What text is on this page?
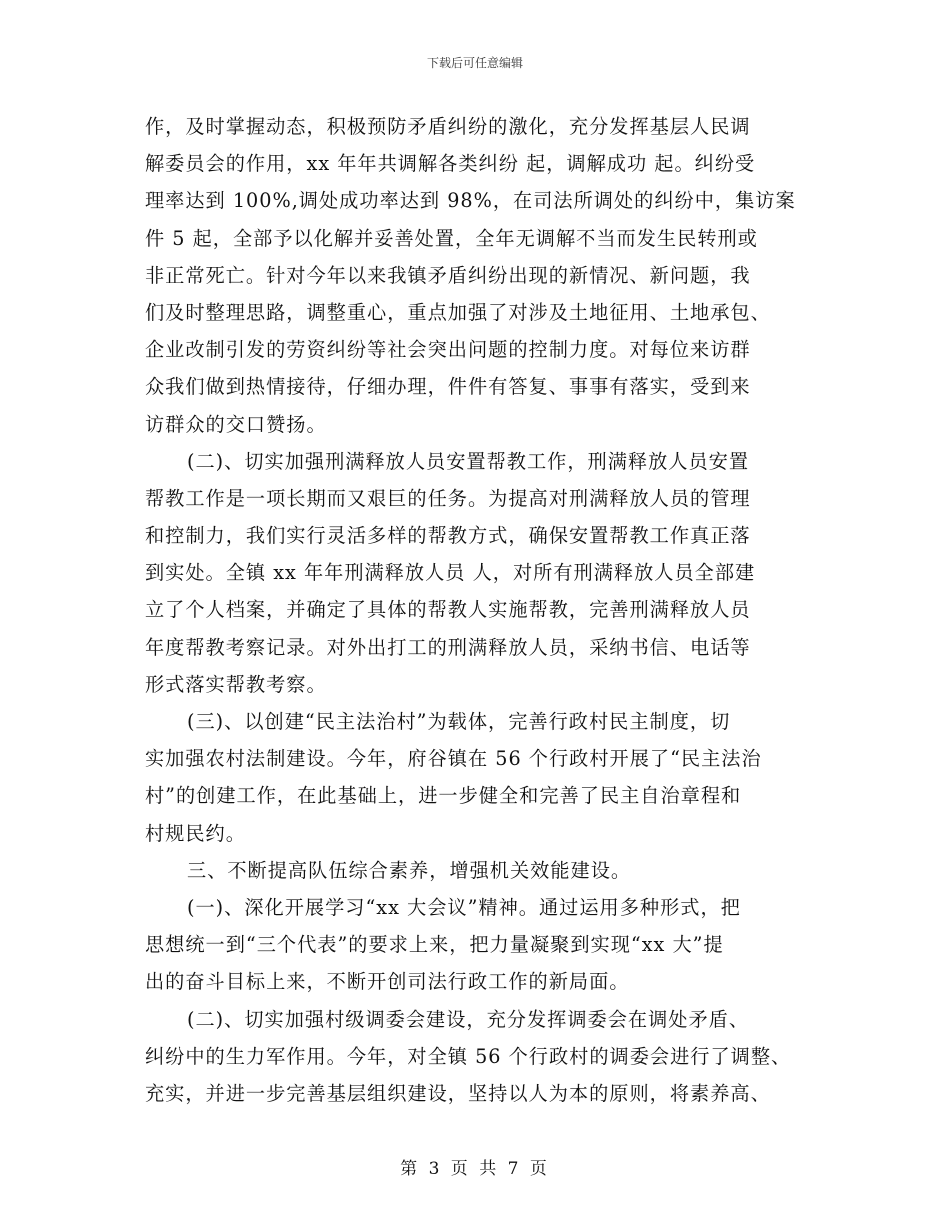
下载后可任意编辑
作，及时掌握动态，积极预防矛盾纠纷的激化，充分发挥基层人民调
解委员会的作用，xx 年年共调解各类纠纷 起，调解成功 起。纠纷受
理率达到 100%,调处成功率达到 98%，在司法所调处的纠纷中，集访案
件 5 起，全部予以化解并妥善处置，全年无调解不当而发生民转刑或
非正常死亡。针对今年以来我镇矛盾纠纷出现的新情况、新问题，我
们及时整理思路，调整重心，重点加强了对涉及土地征用、土地承包、
企业改制引发的劳资纠纷等社会突出问题的控制力度。对每位来访群
众我们做到热情接待，仔细办理，件件有答复、事事有落实，受到来
访群众的交口赞扬。
(二)、切实加强刑满释放人员安置帮教工作，刑满释放人员安置
帮教工作是一项长期而又艰巨的任务。为提高对刑满释放人员的管理
和控制力，我们实行灵活多样的帮教方式，确保安置帮教工作真正落
到实处。全镇 xx 年年刑满释放人员 人，对所有刑满释放人员全部建
立了个人档案，并确定了具体的帮教人实施帮教，完善刑满释放人员
年度帮教考察记录。对外出打工的刑满释放人员，采纳书信、电话等
形式落实帮教考察。
(三)、以创建“民主法治村”为载体，完善行政村民主制度，切
实加强农村法制建设。今年，府谷镇在 56 个行政村开展了“民主法治
村”的创建工作，在此基础上，进一步健全和完善了民主自治章程和
村规民约。
三、不断提高队伍综合素养，增强机关效能建设。
(一)、深化开展学习“xx 大会议”精神。通过运用多种形式，把
思想统一到“三个代表”的要求上来，把力量凝聚到实现“xx 大”提
出的奋斗目标上来，不断开创司法行政工作的新局面。
(二)、切实加强村级调委会建设，充分发挥调委会在调处矛盾、
纠纷中的生力军作用。今年，对全镇 56 个行政村的调委会进行了调整、
充实，并进一步完善基层组织建设，坚持以人为本的原则，将素养高、
第 3 页 共 7 页
